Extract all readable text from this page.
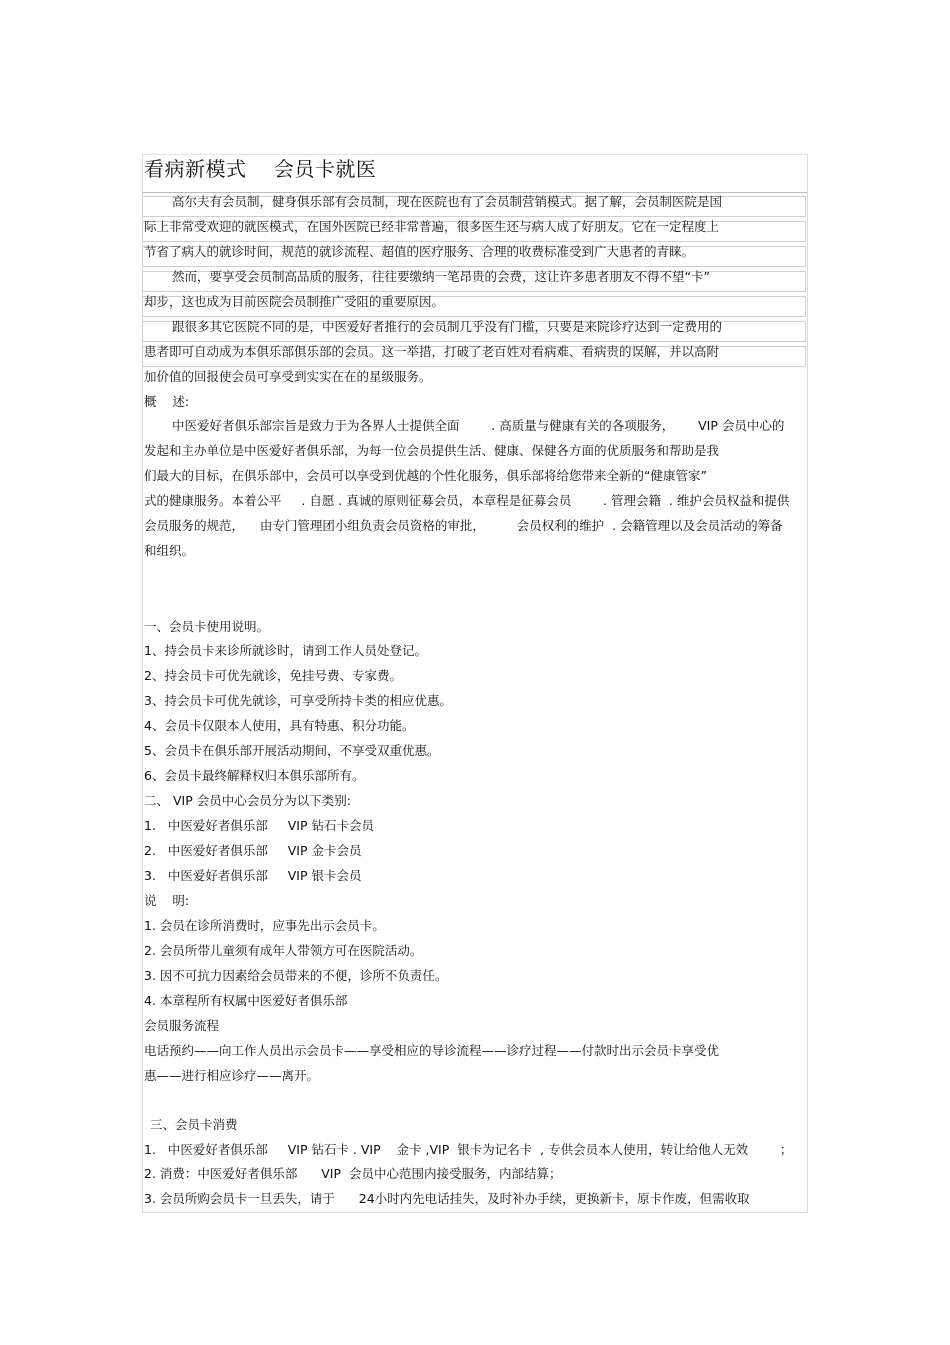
看病新模式    会员卡就医
高尔夫有会员制，健身俱乐部有会员制，现在医院也有了会员制营销模式。据了解，会员制医院是国
际上非常受欢迎的就医模式，在国外医院已经非常普遍，很多医生还与病人成了好朋友。它在一定程度上
节省了病人的就诊时间，规范的就诊流程、超值的医疗服务、合理的收费标准受到广大患者的青睐。
然而，要享受会员制高品质的服务，往往要缴纳一笔昂贵的会费，这让许多患者朋友不得不望“卡”
却步，这也成为目前医院会员制推广受阻的重要原因。
跟很多其它医院不同的是，中医爱好者推行的会员制几乎没有门槛，只要是来院诊疗达到一定费用的
患者即可自动成为本俱乐部俱乐部的会员。这一举措，打破了老百姓对看病难、看病贵的误解，并以高附
加价值的回报使会员可享受到实实在在的星级服务。
概    述:
中医爱好者俱乐部宗旨是致力于为各界人士提供全面        . 高质量与健康有关的各项服务，      VIP 会员中心的
发起和主办单位是中医爱好者俱乐部，为每一位会员提供生活、健康、保健各方面的优质服务和帮助是我
们最大的目标，在俱乐部中，会员可以享受到优越的个性化服务，俱乐部将给您带来全新的“健康管家”
式的健康服务。本着公平     . 自愿 . 真诚的原则征募会员，本章程是征募会员        . 管理会籍  . 维护会员权益和提供
会员服务的规范，    由专门管理团小组负责会员资格的审批，        会员权利的维护  . 会籍管理以及会员活动的筹备
和组织。
一、会员卡使用说明。
1、持会员卡来诊所就诊时，请到工作人员处登记。
2、持会员卡可优先就诊，免挂号费、专家费。
3、持会员卡可优先就诊，可享受所持卡类的相应优惠。
4、会员卡仅限本人使用，具有特惠、积分功能。
5、会员卡在俱乐部开展活动期间，不享受双重优惠。
6、会员卡最终解释权归本俱乐部所有。
二、 VIP 会员中心会员分为以下类别:
1.   中医爱好者俱乐部     VIP 钻石卡会员
2.   中医爱好者俱乐部     VIP 金卡会员
3.   中医爱好者俱乐部     VIP 银卡会员
说    明:
1. 会员在诊所消费时，应事先出示会员卡。
2. 会员所带儿童须有成年人带领方可在医院活动。
3. 因不可抗力因素给会员带来的不便，诊所不负责任。
4. 本章程所有权属中医爱好者俱乐部
会员服务流程
电话预约——向工作人员出示会员卡——享受相应的导诊流程——诊疗过程——付款时出示会员卡享受优
惠——进行相应诊疗——离开。
三、会员卡消费
1.   中医爱好者俱乐部     VIP 钻石卡 . VIP    金卡 ,VIP  银卡为记名卡  , 专供会员本人使用，转让给他人无效        ；
2. 消费：中医爱好者俱乐部      VIP  会员中心范围内接受服务，内部结算；
3. 会员所购会员卡一旦丢失，请于      24小时内先电话挂失，及时补办手续，更换新卡，原卡作废，但需收取
